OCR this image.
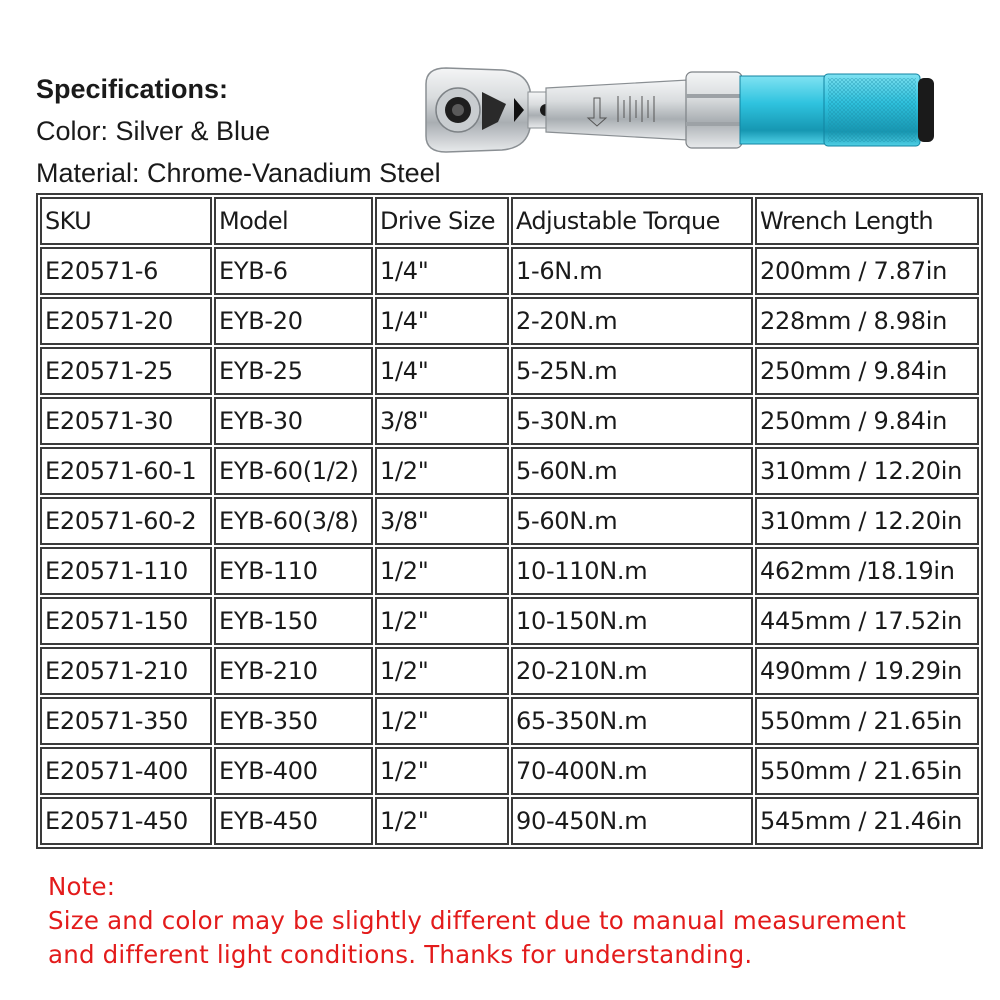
Specifications:
Color: Silver & Blue
Material: Chrome-Vanadium Steel
SKU	Model	Drive Size	Adjustable Torque	Wrench Length
E20571-6	EYB-6	1/4"	1-6N.m	200mm / 7.87in
E20571-20	EYB-20	1/4"	2-20N.m	228mm / 8.98in
E20571-25	EYB-25	1/4"	5-25N.m	250mm / 9.84in
E20571-30	EYB-30	3/8"	5-30N.m	250mm / 9.84in
E20571-60-1	EYB-60(1/2)	1/2"	5-60N.m	310mm / 12.20in
E20571-60-2	EYB-60(3/8)	3/8"	5-60N.m	310mm / 12.20in
E20571-110	EYB-110	1/2"	10-110N.m	462mm /18.19in
E20571-150	EYB-150	1/2"	10-150N.m	445mm / 17.52in
E20571-210	EYB-210	1/2"	20-210N.m	490mm / 19.29in
E20571-350	EYB-350	1/2"	65-350N.m	550mm / 21.65in
E20571-400	EYB-400	1/2"	70-400N.m	550mm / 21.65in
E20571-450	EYB-450	1/2"	90-450N.m	545mm / 21.46in
Note:
Size and color may be slightly different due to manual measurement
and different light conditions. Thanks for understanding.
